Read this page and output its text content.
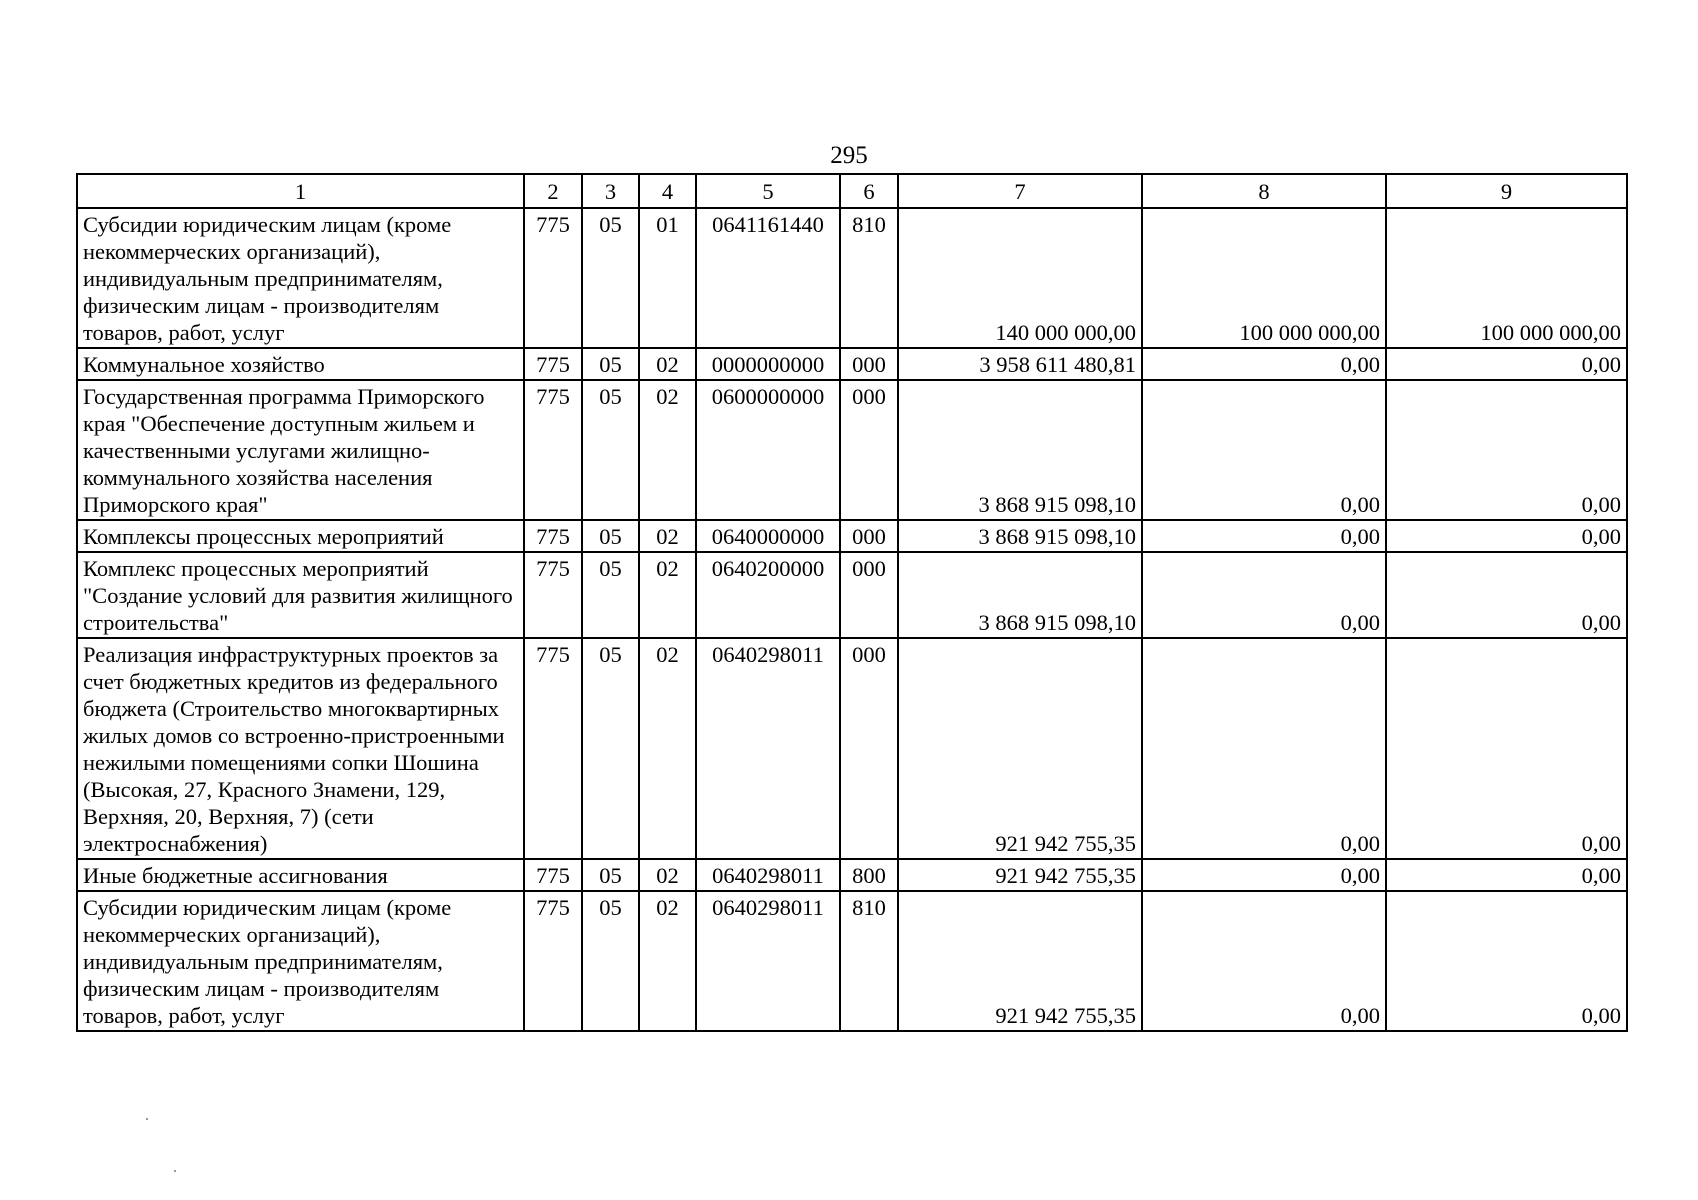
295
1	2	3	4	5	6	7	8	9
Субсидии юридическим лицам (кроме некоммерческих организаций), индивидуальным предпринимателям, физическим лицам - производителям товаров, работ, услуг	775	05	01	0641161440	810	140 000 000,00	100 000 000,00	100 000 000,00
Коммунальное хозяйство	775	05	02	0000000000	000	3 958 611 480,81	0,00	0,00
Государственная программа Приморского края "Обеспечение доступным жильем и качественными услугами жилищно-коммунального хозяйства населения Приморского края"	775	05	02	0600000000	000	3 868 915 098,10	0,00	0,00
Комплексы процессных мероприятий	775	05	02	0640000000	000	3 868 915 098,10	0,00	0,00
Комплекс процессных мероприятий "Создание условий для развития жилищного строительства"	775	05	02	0640200000	000	3 868 915 098,10	0,00	0,00
Реализация инфраструктурных проектов за счет бюджетных кредитов из федерального бюджета (Строительство многоквартирных жилых домов со встроенно-пристроенными нежилыми помещениями сопки Шошина (Высокая, 27, Красного Знамени, 129, Верхняя, 20, Верхняя, 7) (сети электроснабжения)	775	05	02	0640298011	000	921 942 755,35	0,00	0,00
Иные бюджетные ассигнования	775	05	02	0640298011	800	921 942 755,35	0,00	0,00
Субсидии юридическим лицам (кроме некоммерческих организаций), индивидуальным предпринимателям, физическим лицам - производителям товаров, работ, услуг	775	05	02	0640298011	810	921 942 755,35	0,00	0,00
